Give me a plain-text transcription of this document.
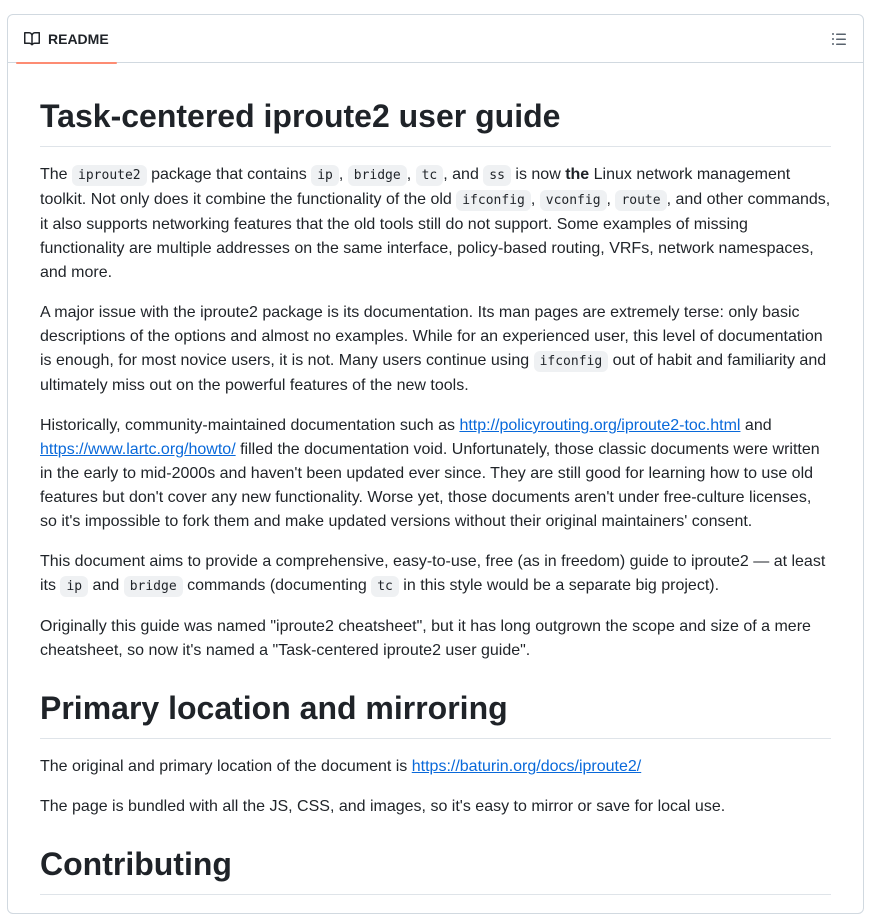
README
Task-centered iproute2 user guide

The iproute2 package that contains ip , bridge , tc , and ss is now the Linux network management toolkit. Not only does it combine the functionality of the old ifconfig , vconfig , route , and other commands, it also supports networking features that the old tools still do not support. Some examples of missing functionality are multiple addresses on the same interface, policy-based routing, VRFs, network namespaces, and more.

A major issue with the iproute2 package is its documentation. Its man pages are extremely terse: only basic descriptions of the options and almost no examples. While for an experienced user, this level of documentation is enough, for most novice users, it is not. Many users continue using ifconfig out of habit and familiarity and ultimately miss out on the powerful features of the new tools.

Historically, community-maintained documentation such as http://policyrouting.org/iproute2-toc.html and https://www.lartc.org/howto/ filled the documentation void. Unfortunately, those classic documents were written in the early to mid-2000s and haven't been updated ever since. They are still good for learning how to use old features but don't cover any new functionality. Worse yet, those documents aren't under free-culture licenses, so it's impossible to fork them and make updated versions without their original maintainers' consent.

This document aims to provide a comprehensive, easy-to-use, free (as in freedom) guide to iproute2 — at least its ip and bridge commands (documenting tc in this style would be a separate big project).

Originally this guide was named "iproute2 cheatsheet", but it has long outgrown the scope and size of a mere cheatsheet, so now it's named a "Task-centered iproute2 user guide".

Primary location and mirroring

The original and primary location of the document is https://baturin.org/docs/iproute2/

The page is bundled with all the JS, CSS, and images, so it's easy to mirror or save for local use.

Contributing
